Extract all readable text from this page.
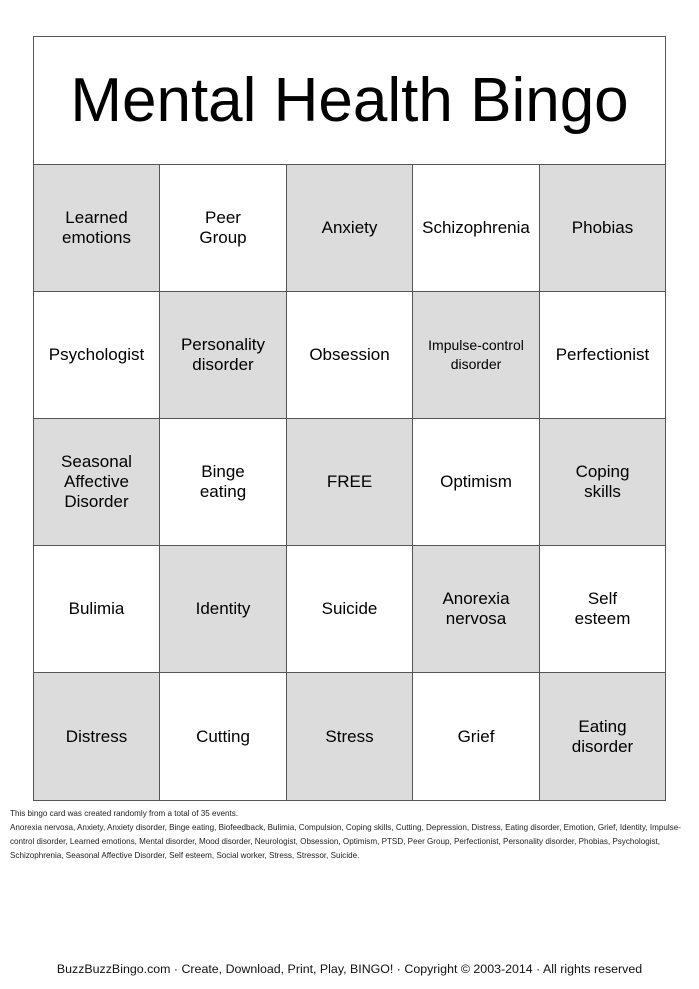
Mental Health Bingo
Learned
emotions
Peer
Group
Anxiety	Schizophrenia	Phobias
Psychologist
Personality
disorder
Obsession	Impulse-control
disorder	Perfectionist
Seasonal
Affective
Disorder
Binge
eating
FREE	Optimism
Coping
skills
Bulimia	Identity	Suicide
Anorexia
nervosa
Self
esteem
Distress	Cutting	Stress	Grief
Eating
disorder

This bingo card was created randomly from a total of 35 events.

Anorexia nervosa, Anxiety, Anxiety disorder, Binge eating, Biofeedback, Bulimia, Compulsion, Coping skills, Cutting, Depression, Distress, Eating disorder, Emotion, Grief, Identity, Impulse-control disorder, Learned emotions, Mental disorder, Mood disorder, Neurologist, Obsession, Optimism, PTSD, Peer Group, Perfectionist, Personality disorder, Phobias, Psychologist, Schizophrenia, Seasonal Affective Disorder, Self esteem, Social worker, Stress, Stressor, Suicide.

BuzzBuzzBingo.com · Create, Download, Print, Play, BINGO! · Copyright © 2003-2014 · All rights reserved
